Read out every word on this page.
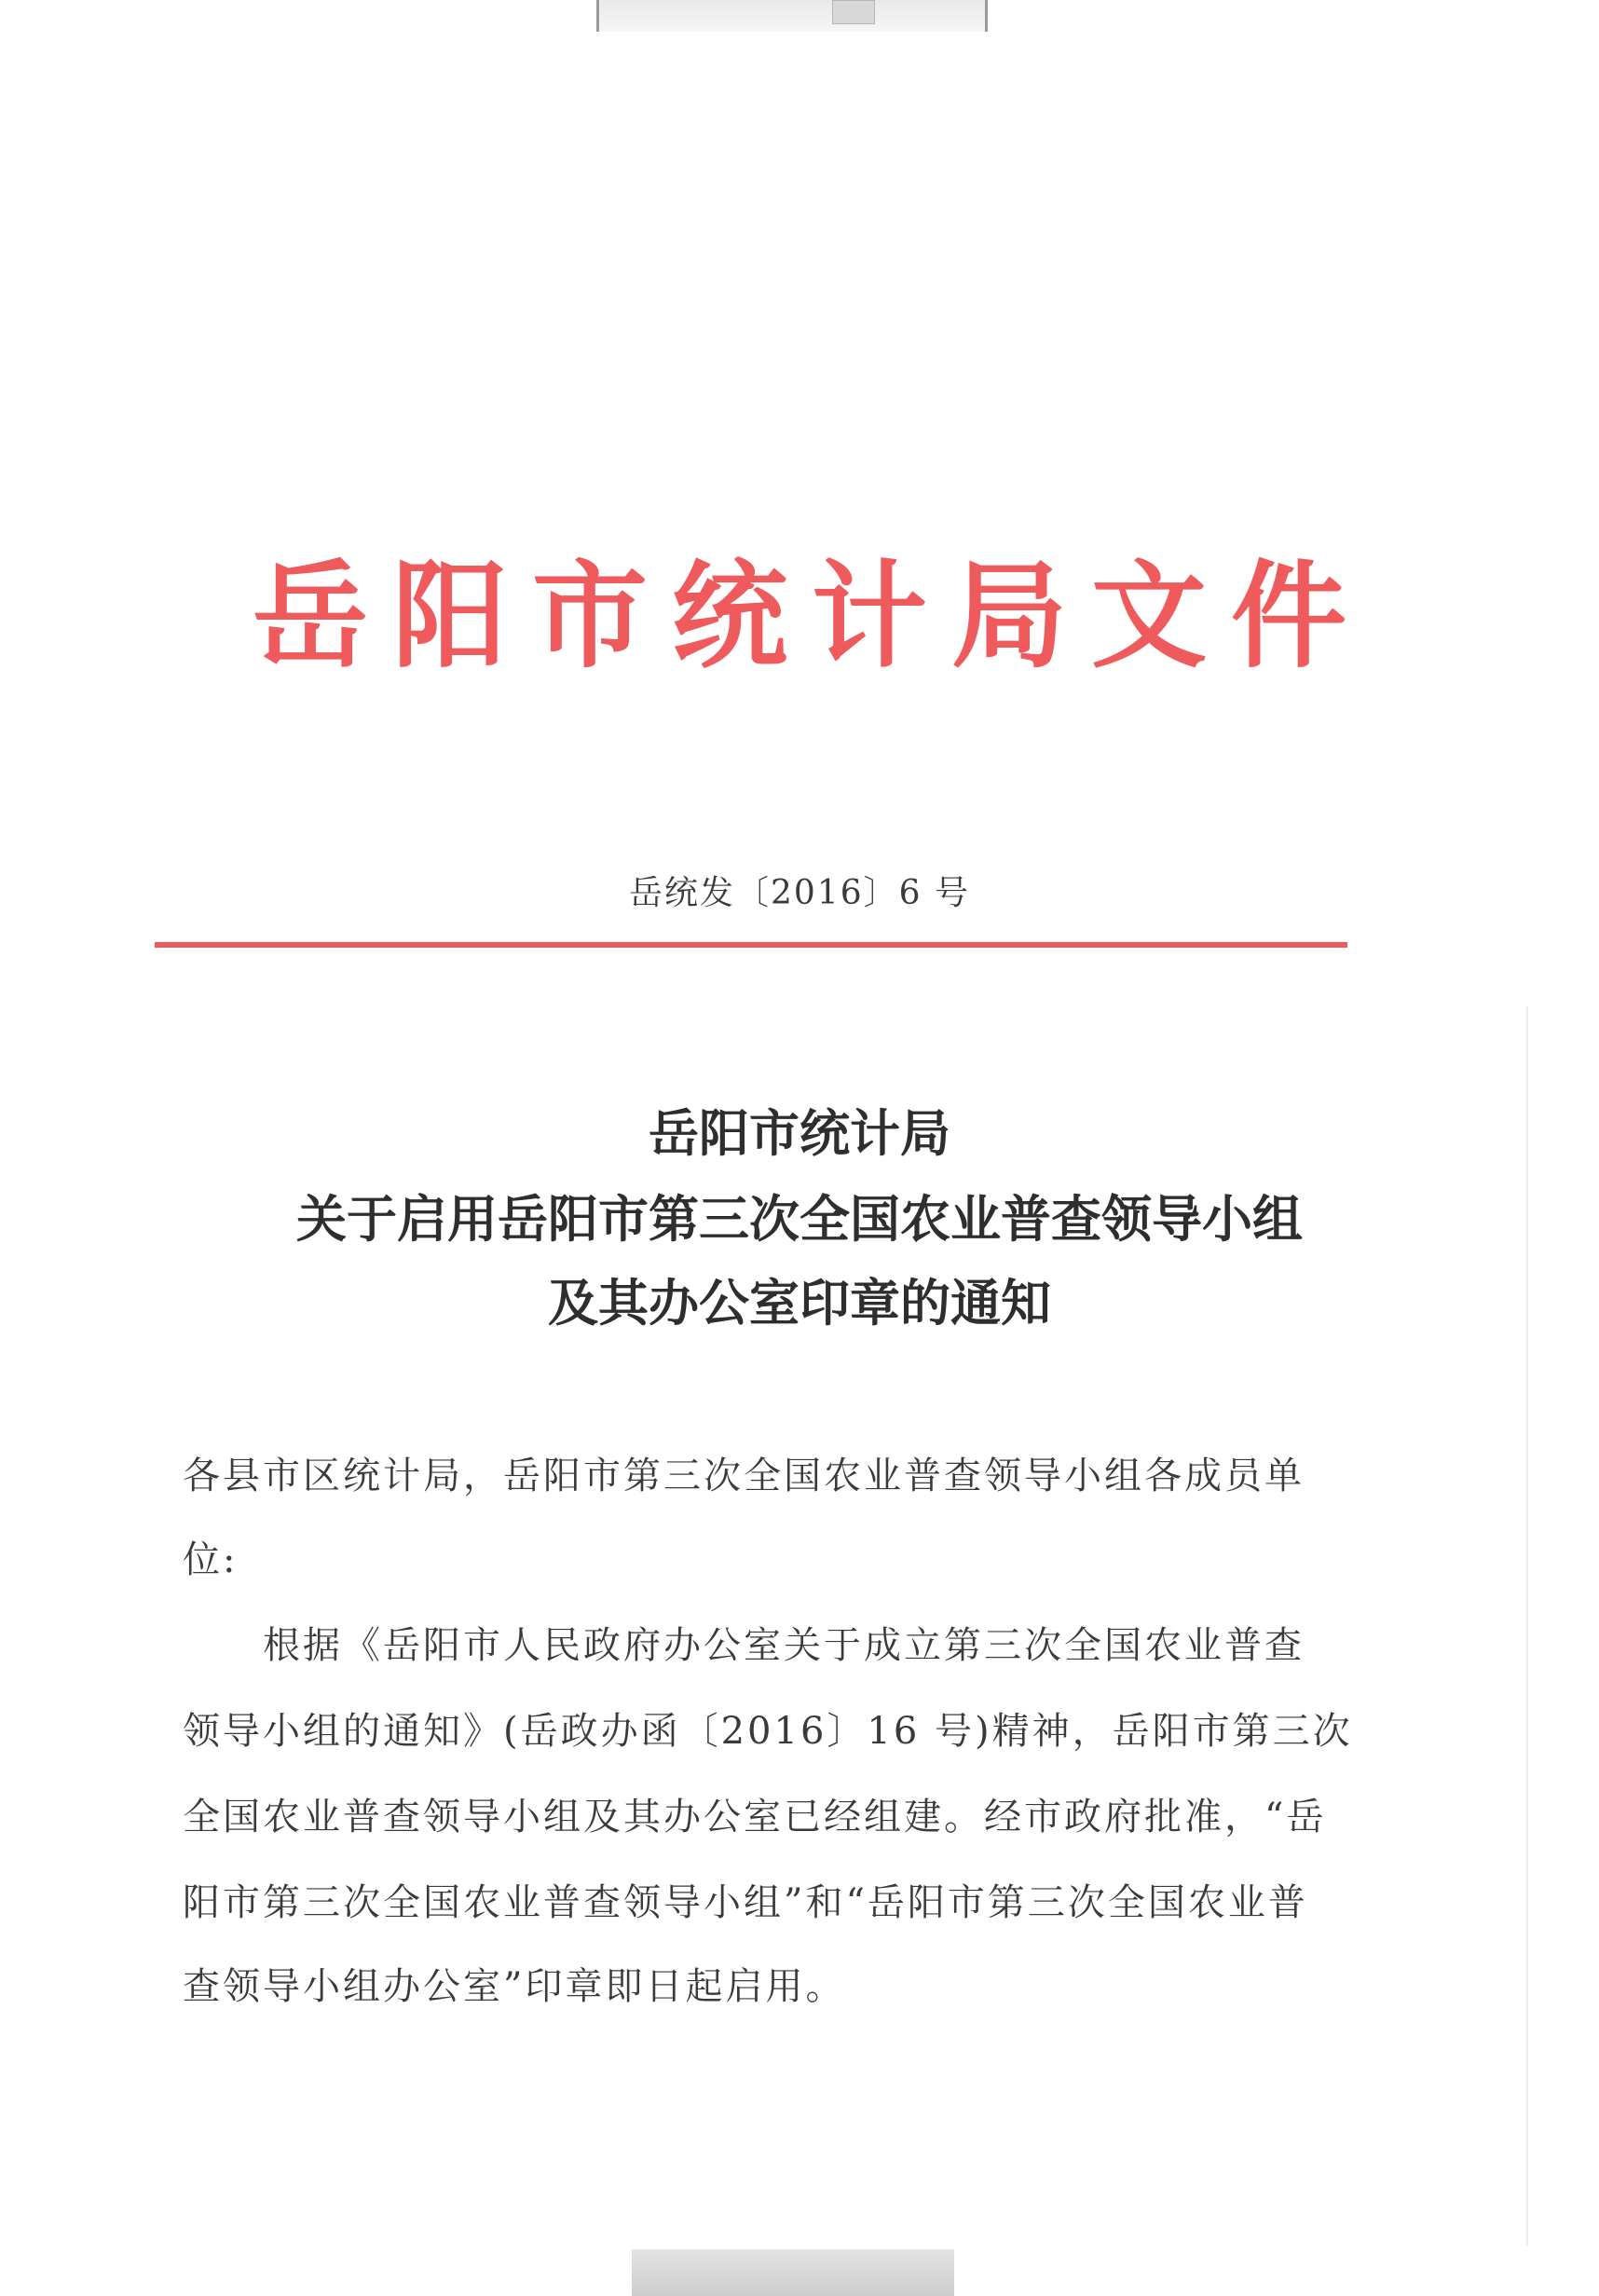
岳阳市统计局文件
岳统发〔2016〕6 号
岳阳市统计局
关于启用岳阳市第三次全国农业普查领导小组
及其办公室印章的通知
各县市区统计局，岳阳市第三次全国农业普查领导小组各成员单
位:
　　根据《岳阳市人民政府办公室关于成立第三次全国农业普查
领导小组的通知》(岳政办函〔2016〕16 号)精神，岳阳市第三次
全国农业普查领导小组及其办公室已经组建。经市政府批准，“岳
阳市第三次全国农业普查领导小组”和“岳阳市第三次全国农业普
查领导小组办公室”印章即日起启用。
